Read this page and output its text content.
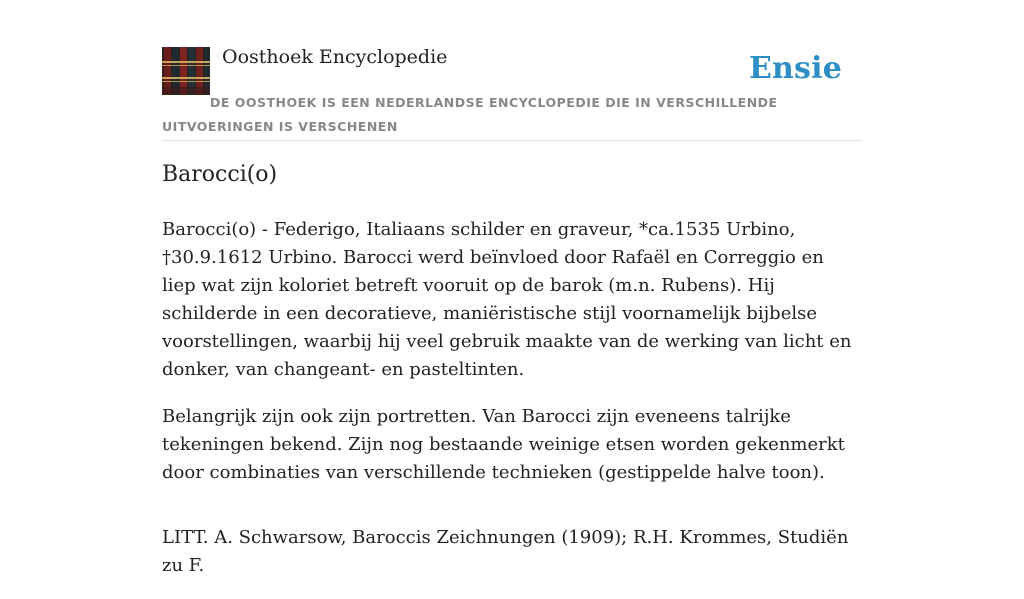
Oosthoek Encyclopedie	Ensie
DE OOSTHOEK IS EEN NEDERLANDSE ENCYCLOPEDIE DIE IN VERSCHILLENDE UITVOERINGEN IS VERSCHENEN
Barocci(o)

Barocci(o) - Federigo, Italiaans schilder en graveur, *ca.1535 Urbino, †30.9.1612 Urbino. Barocci werd beïnvloed door Rafaël en Correggio en liep wat zijn koloriet betreft vooruit op de barok (m.n. Rubens). Hij schilderde in een decoratieve, maniëristische stijl voornamelijk bijbelse voorstellingen, waarbij hij veel gebruik maakte van de werking van licht en donker, van changeant- en pasteltinten.

Belangrijk zijn ook zijn portretten. Van Barocci zijn eveneens talrijke tekeningen bekend. Zijn nog bestaande weinige etsen worden gekenmerkt door combinaties van verschillende technieken (gestippelde halve toon).

LITT. A. Schwarsow, Baroccis Zeichnungen (1909); R.H. Krommes, Studiën zu F.
